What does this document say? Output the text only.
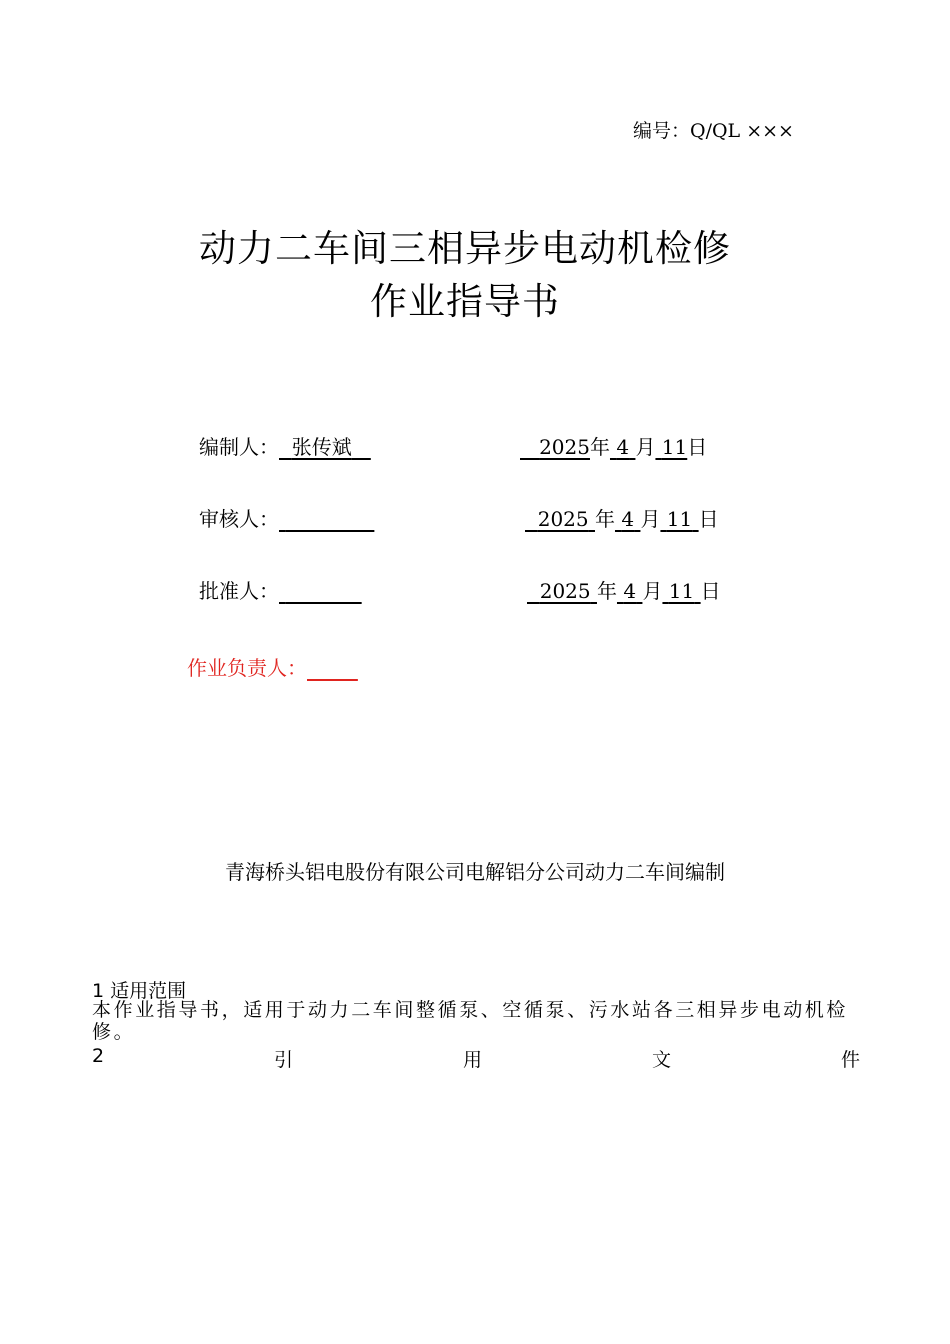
编号：Q/QL ×××
动力二车间三相异步电动机检修
作业指导书
编制人： 张传斌	2025年 4 月 11日
审核人：	2025 年 4 月 11 日
批准人：	2025 年 4 月 11 日
作业负责人：
青海桥头铝电股份有限公司电解铝分公司动力二车间编制
1 适用范围
本作业指导书，适用于动力二车间整循泵、空循泵、污水站各三相异步电动机检修。
2	引	用	文	件
